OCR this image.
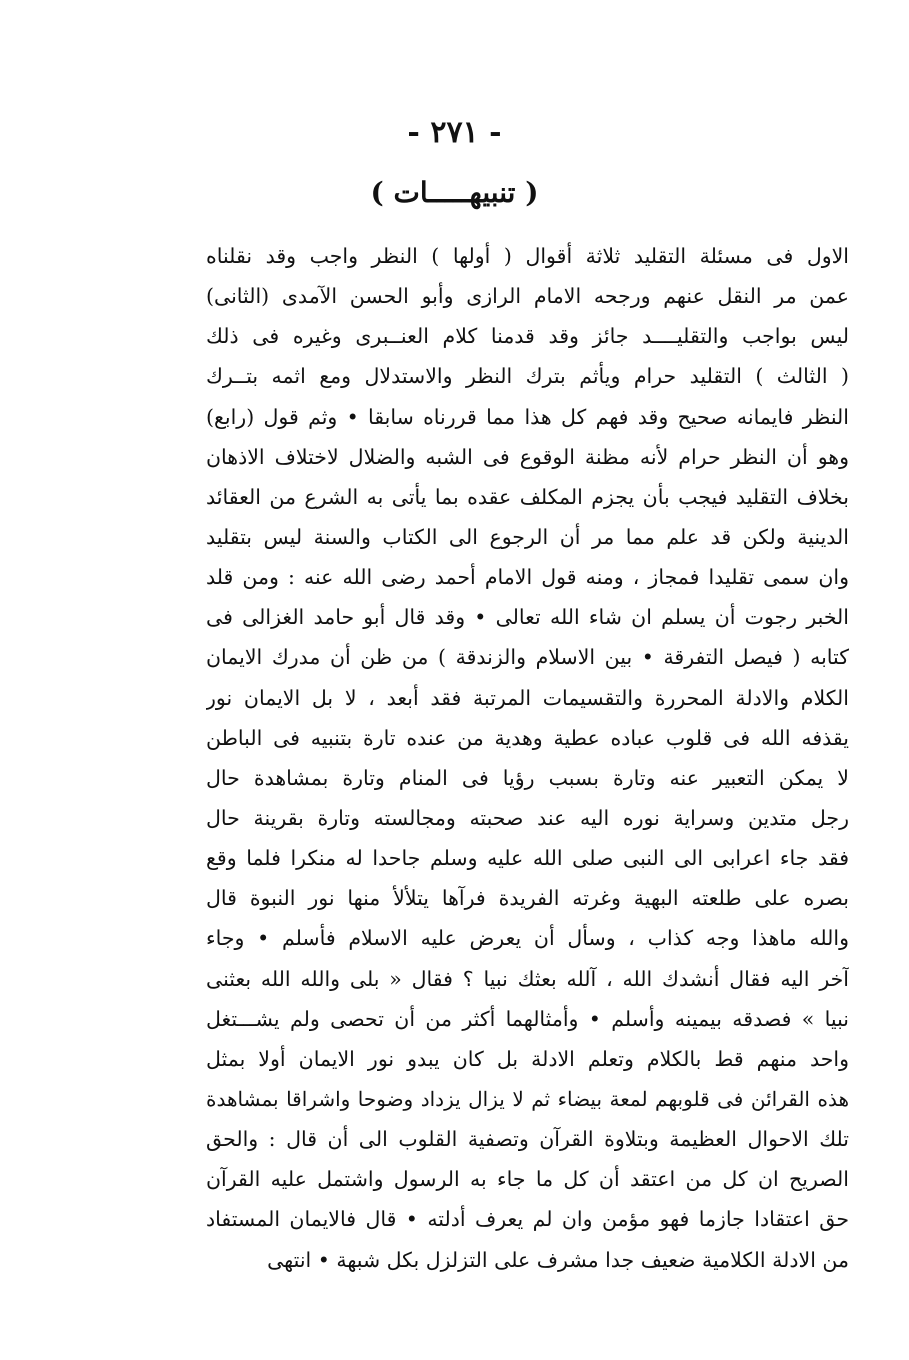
- ٢٧١ -
( تنبيهـــــات )
الاول فى مسئلة التقليد ثلاثة أقوال ( أولها ) النظر واجب وقد نقلناه
عمن مر النقل عنهم ورجحه الامام الرازى وأبو الحسن الآمدى (الثانى)
ليس بواجب والتقليــــد جائز وقد قدمنا كلام العنــبرى وغيره فى ذلك
( الثالث ) التقليد حرام ويأثم بترك النظر والاستدلال ومع اثمه بتــرك
النظر فايمانه صحيح وقد فهم كل هذا مما قررناه سابقا • وثم قول (رابع)
وهو أن النظر حرام لأنه مظنة الوقوع فى الشبه والضلال لاختلاف الاذهان
بخلاف التقليد فيجب بأن يجزم المكلف عقده بما يأتى به الشرع من العقائد
الدينية ولكن قد علم مما مر أن الرجوع الى الكتاب والسنة ليس بتقليد
وان سمى تقليدا فمجاز ، ومنه قول الامام أحمد رضى الله عنه : ومن قلد
الخبر رجوت أن يسلم ان شاء الله تعالى • وقد قال أبو حامد الغزالى فى
كتابه ( فيصل التفرقة • بين الاسلام والزندقة ) من ظن أن مدرك الايمان
الكلام والادلة المحررة والتقسيمات المرتبة فقد أبعد ، لا بل الايمان نور
يقذفه الله فى قلوب عباده عطية وهدية من عنده تارة بتنبيه فى الباطن
لا يمكن التعبير عنه وتارة بسبب رؤيا فى المنام وتارة بمشاهدة حال
رجل متدين وسراية نوره اليه عند صحبته ومجالسته وتارة بقرينة حال
فقد جاء اعرابى الى النبى صلى الله عليه وسلم جاحدا له منكرا فلما وقع
بصره على طلعته البهية وغرته الفريدة فرآها يتلألأ منها نور النبوة قال
والله ماهذا وجه كذاب ، وسأل أن يعرض عليه الاسلام فأسلم • وجاء
آخر اليه فقال أنشدك الله ، آلله بعثك نبيا ؟ فقال « بلى والله الله بعثنى
نبيا » فصدقه بيمينه وأسلم • وأمثالهما أكثر من أن تحصى ولم يشـــتغل
واحد منهم قط بالكلام وتعلم الادلة بل كان يبدو نور الايمان أولا بمثل
هذه القرائن فى قلوبهم لمعة بيضاء ثم لا يزال يزداد وضوحا واشراقا بمشاهدة
تلك الاحوال العظيمة وبتلاوة القرآن وتصفية القلوب الى أن قال : والحق
الصريح ان كل من اعتقد أن كل ما جاء به الرسول واشتمل عليه القرآن
حق اعتقادا جازما فهو مؤمن وان لم يعرف أدلته • قال فالايمان المستفاد
من الادلة الكلامية ضعيف جدا مشرف على التزلزل بكل شبهة • انتهى
